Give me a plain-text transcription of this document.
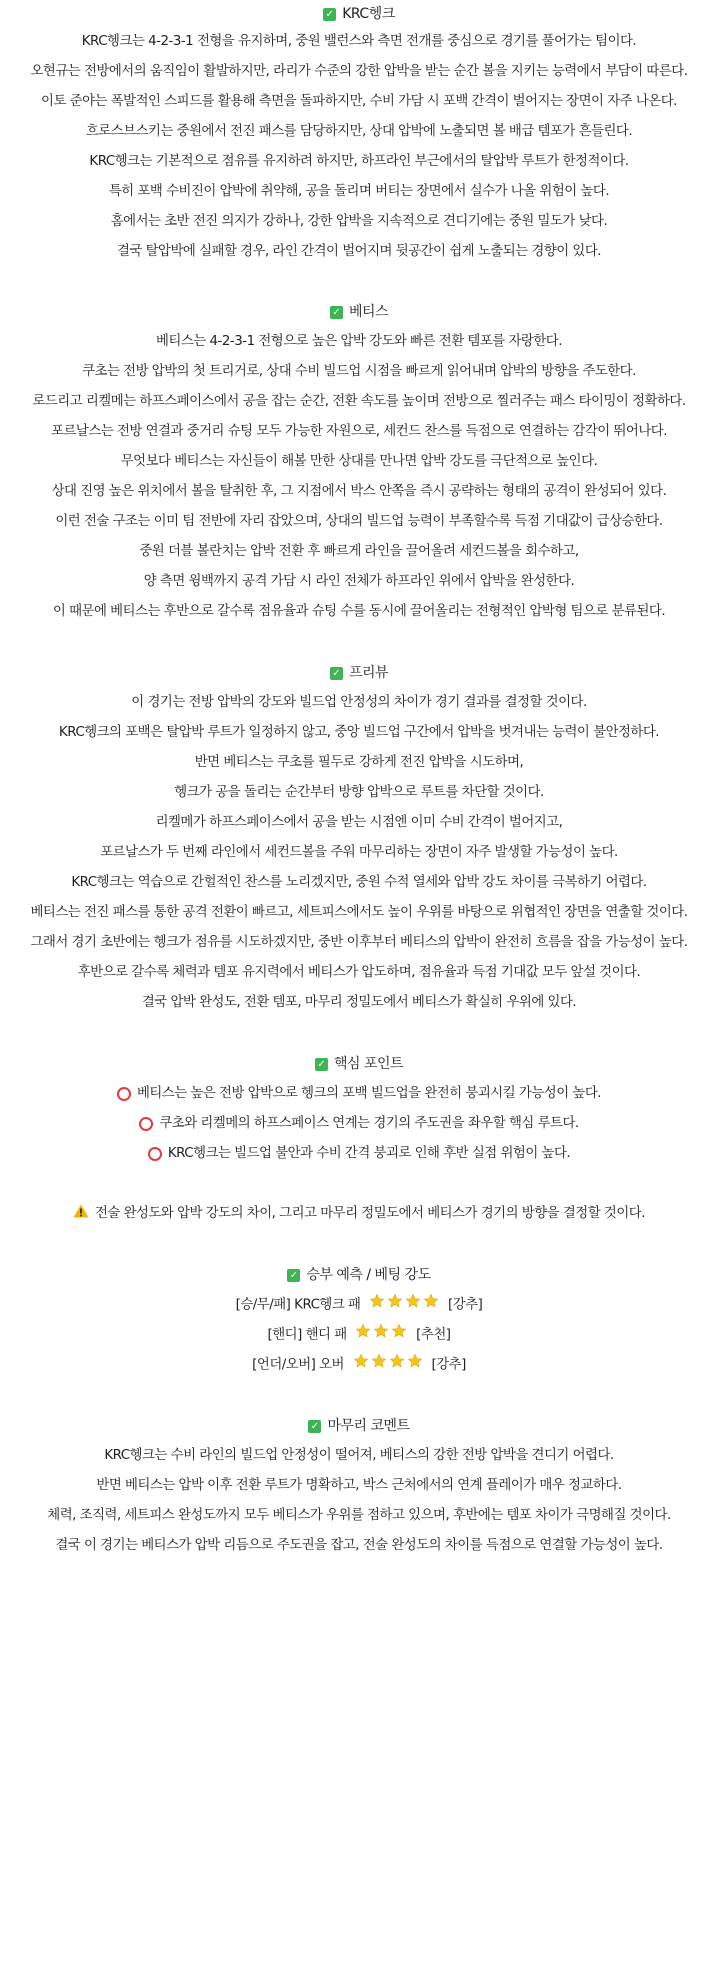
✓ KRC헹크
KRC헹크는 4-2-3-1 전형을 유지하며, 중원 밸런스와 측면 전개를 중심으로 경기를 풀어가는 팀이다.
오현규는 전방에서의 움직임이 활발하지만, 라리가 수준의 강한 압박을 받는 순간 볼을 지키는 능력에서 부담이 따른다.
이토 준야는 폭발적인 스피드를 활용해 측면을 돌파하지만, 수비 가담 시 포백 간격이 벌어지는 장면이 자주 나온다.
흐로스브스키는 중원에서 전진 패스를 담당하지만, 상대 압박에 노출되면 볼 배급 템포가 흔들린다.
KRC헹크는 기본적으로 점유를 유지하려 하지만, 하프라인 부근에서의 탈압박 루트가 한정적이다.
특히 포백 수비진이 압박에 취약해, 공을 돌리며 버티는 장면에서 실수가 나올 위험이 높다.
홈에서는 초반 전진 의지가 강하나, 강한 압박을 지속적으로 견디기에는 중원 밀도가 낮다.
결국 탈압박에 실패할 경우, 라인 간격이 벌어지며 뒷공간이 쉽게 노출되는 경향이 있다.
✓ 베티스
베티스는 4-2-3-1 전형으로 높은 압박 강도와 빠른 전환 템포를 자랑한다.
쿠초는 전방 압박의 첫 트리거로, 상대 수비 빌드업 시점을 빠르게 읽어내며 압박의 방향을 주도한다.
로드리고 리켈메는 하프스페이스에서 공을 잡는 순간, 전환 속도를 높이며 전방으로 찔러주는 패스 타이밍이 정확하다.
포르날스는 전방 연결과 중거리 슈팅 모두 가능한 자원으로, 세컨드 찬스를 득점으로 연결하는 감각이 뛰어나다.
무엇보다 베티스는 자신들이 해볼 만한 상대를 만나면 압박 강도를 극단적으로 높인다.
상대 진영 높은 위치에서 볼을 탈취한 후, 그 지점에서 박스 안쪽을 즉시 공략하는 형태의 공격이 완성되어 있다.
이런 전술 구조는 이미 팀 전반에 자리 잡았으며, 상대의 빌드업 능력이 부족할수록 득점 기대값이 급상승한다.
중원 더블 볼란치는 압박 전환 후 빠르게 라인을 끌어올려 세컨드볼을 회수하고,
양 측면 윙백까지 공격 가담 시 라인 전체가 하프라인 위에서 압박을 완성한다.
이 때문에 베티스는 후반으로 갈수록 점유율과 슈팅 수를 동시에 끌어올리는 전형적인 압박형 팀으로 분류된다.
✓ 프리뷰
이 경기는 전방 압박의 강도와 빌드업 안정성의 차이가 경기 결과를 결정할 것이다.
KRC헹크의 포백은 탈압박 루트가 일정하지 않고, 중앙 빌드업 구간에서 압박을 벗겨내는 능력이 불안정하다.
반면 베티스는 쿠초를 필두로 강하게 전진 압박을 시도하며,
헹크가 공을 돌리는 순간부터 방향 압박으로 루트를 차단할 것이다.
리켈메가 하프스페이스에서 공을 받는 시점엔 이미 수비 간격이 벌어지고,
포르날스가 두 번째 라인에서 세컨드볼을 주워 마무리하는 장면이 자주 발생할 가능성이 높다.
KRC헹크는 역습으로 간헐적인 찬스를 노리겠지만, 중원 수적 열세와 압박 강도 차이를 극복하기 어렵다.
베티스는 전진 패스를 통한 공격 전환이 빠르고, 세트피스에서도 높이 우위를 바탕으로 위협적인 장면을 연출할 것이다.
그래서 경기 초반에는 헹크가 점유를 시도하겠지만, 중반 이후부터 베티스의 압박이 완전히 흐름을 잡을 가능성이 높다.
후반으로 갈수록 체력과 템포 유지력에서 베티스가 압도하며, 점유율과 득점 기대값 모두 앞설 것이다.
결국 압박 완성도, 전환 템포, 마무리 정밀도에서 베티스가 확실히 우위에 있다.
✓ 핵심 포인트
베티스는 높은 전방 압박으로 헹크의 포백 빌드업을 완전히 붕괴시킬 가능성이 높다.
쿠초와 리켈메의 하프스페이스 연계는 경기의 주도권을 좌우할 핵심 루트다.
KRC헹크는 빌드업 불안과 수비 간격 붕괴로 인해 후반 실점 위험이 높다.
전술 완성도와 압박 강도의 차이, 그리고 마무리 정밀도에서 베티스가 경기의 방향을 결정할 것이다.
✓ 승부 예측 / 베팅 강도
[승/무/패] KRC헹크 패	[강추]
[핸디] 핸디 패	[추천]
[언더/오버] 오버	[강추]
✓ 마무리 코멘트
KRC헹크는 수비 라인의 빌드업 안정성이 떨어져, 베티스의 강한 전방 압박을 견디기 어렵다.
반면 베티스는 압박 이후 전환 루트가 명확하고, 박스 근처에서의 연계 플레이가 매우 정교하다.
체력, 조직력, 세트피스 완성도까지 모두 베티스가 우위를 점하고 있으며, 후반에는 템포 차이가 극명해질 것이다.
결국 이 경기는 베티스가 압박 리듬으로 주도권을 잡고, 전술 완성도의 차이를 득점으로 연결할 가능성이 높다.
